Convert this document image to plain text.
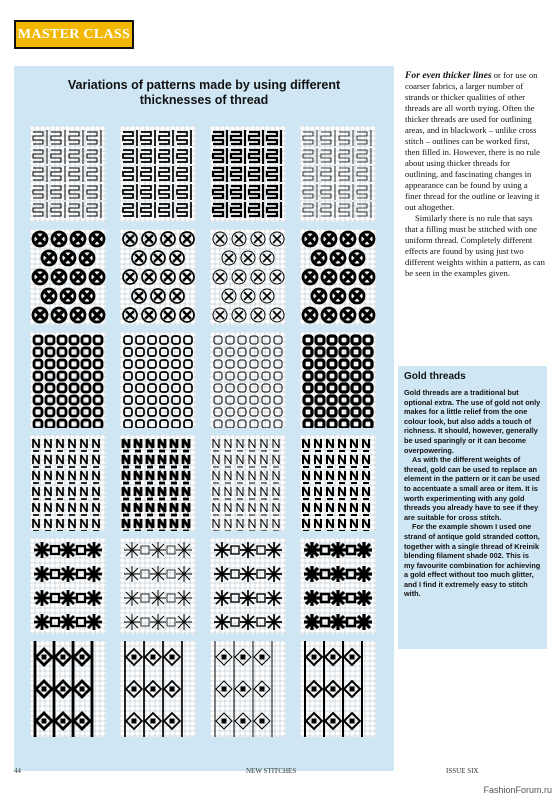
MASTER CLASS
Variations of patterns made by using different
thicknesses of thread

For even thicker lines or for use on coarser fabrics, a larger number of strands or thicker qualities of other threads are all worth trying. Often the thicker threads are used for outlining areas, and in blackwork – unlike cross stitch – outlines can be worked first, then filled in. However, there is no rule about using thicker threads for outlining, and fascinating changes in appearance can be found by using a finer thread for the outline or leaving it out altogether.

Similarly there is no rule that says that a filling must be stitched with one uniform thread. Completely different effects are found by using just two different weights within a pattern, as can be seen in the examples given.

Gold threads

Gold threads are a traditional but optional extra. The use of gold not only makes for a little relief from the one colour look, but also adds a touch of richness. It should, however, generally be used sparingly or it can become overpowering.

As with the different weights of thread, gold can be used to replace an element in the pattern or it can be used to accentuate a small area or item. It is worth experimenting with any gold threads you already have to see if they are suitable for cross stitch.

For the example shown I used one strand of antique gold stranded cotton, together with a single thread of Kreinik blending filament shade 002. This is my favourite combination for achieving a gold effect without too much glitter, and I find it extremely easy to stitch with.

44	NEW STITCHES	ISSUE SIX
FashionForum.ru
